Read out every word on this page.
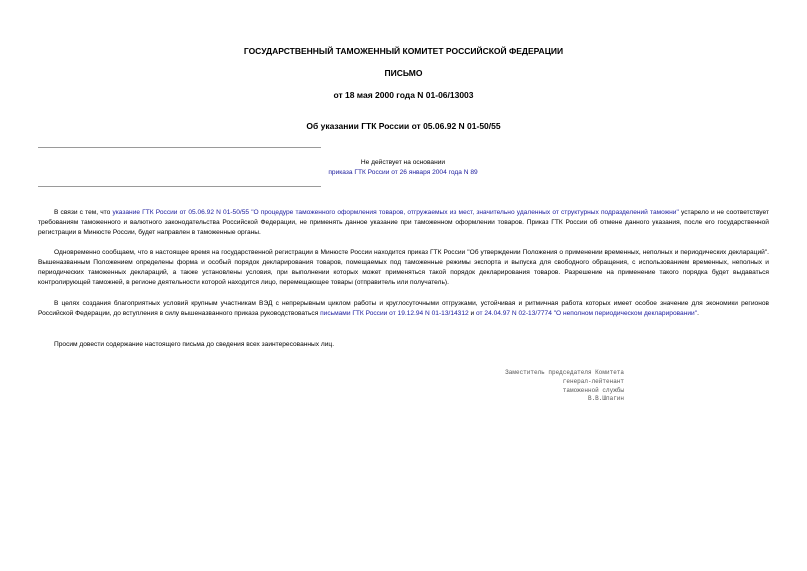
ГОСУДАРСТВЕННЫЙ ТАМОЖЕННЫЙ КОМИТЕТ РОССИЙСКОЙ ФЕДЕРАЦИИ
ПИСЬМО
от 18 мая 2000 года N 01-06/13003
Об указании ГТК России от 05.06.92 N 01-50/55
Не действует на основании
приказа ГТК России от 26 января 2004 года N 89
В связи с тем, что указание ГТК России от 05.06.92 N 01-50/55 "О процедуре таможенного оформления товаров, отгружаемых из мест, значительно удаленных от структурных подразделений таможни" устарело и не соответствует требованиям таможенного и валютного законодательства Российской Федерации, не применять данное указание при таможенном оформлении товаров. Приказ ГТК России об отмене данного указания, после его государственной регистрации в Минюсте России, будет направлен в таможенные органы.
Одновременно сообщаем, что в настоящее время на государственной регистрации в Минюсте России находится приказ ГТК России "Об утверждении Положения о применении временных, неполных и периодических деклараций". Вышеназванным Положением определены форма и особый порядок декларирования товаров, помещаемых под таможенные режимы экспорта и выпуска для свободного обращения, с использованием временных, неполных и периодических таможенных деклараций, а также установлены условия, при выполнении которых может применяться такой порядок декларирования товаров. Разрешение на применение такого порядка будет выдаваться контролирующей таможней, в регионе деятельности которой находится лицо, перемещающее товары (отправитель или получатель).
В целях создания благоприятных условий крупным участникам ВЭД с непрерывным циклом работы и круглосуточными отгрузками, устойчивая и ритмичная работа которых имеет особое значение для экономики регионов Российской Федерации, до вступления в силу вышеназванного приказа руководствоваться письмами ГТК России от 19.12.94 N 01-13/14312 и от 24.04.97 N 02-13/7774 "О неполном периодическом декларировании".
Просим довести содержание настоящего письма до сведения всех заинтересованных лиц.
Заместитель председателя Комитета
генерал-лейтенант
таможенной службы
В.В.Шпагин
